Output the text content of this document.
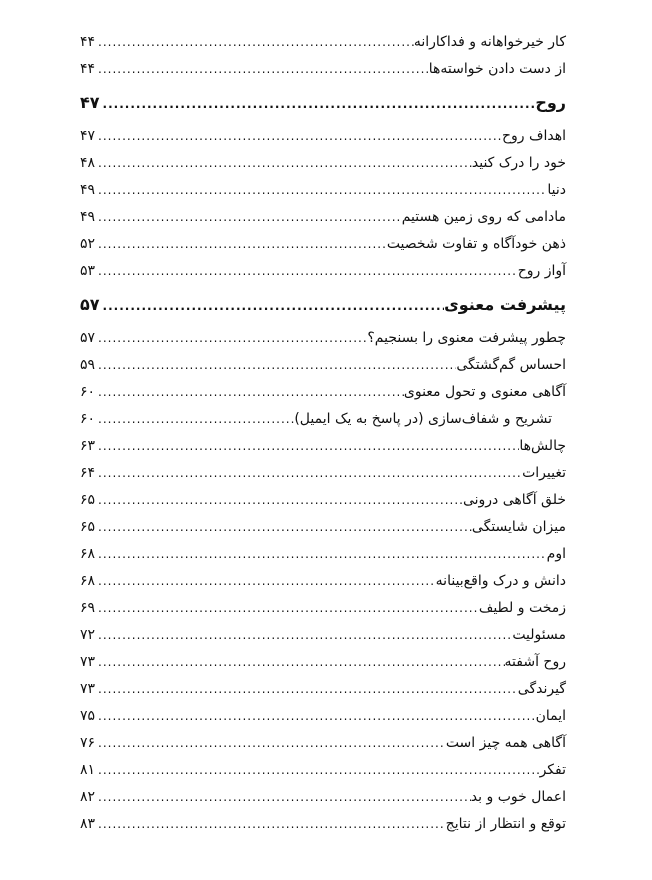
کار خیرخواهانه و فداکارانه
.....
۴۴
از دست دادن خواسته‌ها
.....
۴۴
روح
.....
۴۷
اهداف روح
.....
۴۷
خود را درک کنید
.....
۴۸
دنیا
.....
۴۹
مادامی که روی زمین هستیم
.....
۴۹
ذهن خودآگاه و تفاوت شخصیت
.....
۵۲
آواز روح
.....
۵۳
پیشرفت معنوی
.....
۵۷
چطور پیشرفت معنوی را بسنجیم؟
.....
۵۷
احساس گم‌گشتگی
.....
۵۹
آگاهی معنوی و تحول معنوی
.....
۶۰
تشریح و شفاف‌سازی (در پاسخ به یک ایمیل)
.....
۶۰
چالش‌ها
.....
۶۳
تغییرات
.....
۶۴
خلق آگاهی درونی
.....
۶۵
میزان شایستگی
.....
۶۵
اوم
.....
۶۸
دانش و درک واقع‌بینانه
.....
۶۸
زمخت و لطیف
.....
۶۹
مسئولیت
.....
۷۲
روح آشفته
.....
۷۳
گیرندگی
.....
۷۳
ایمان
.....
۷۵
آگاهی همه چیز است
.....
۷۶
تفکر
.....
۸۱
اعمال خوب و بد
.....
۸۲
توقع و انتظار از نتایج
.....
۸۳
